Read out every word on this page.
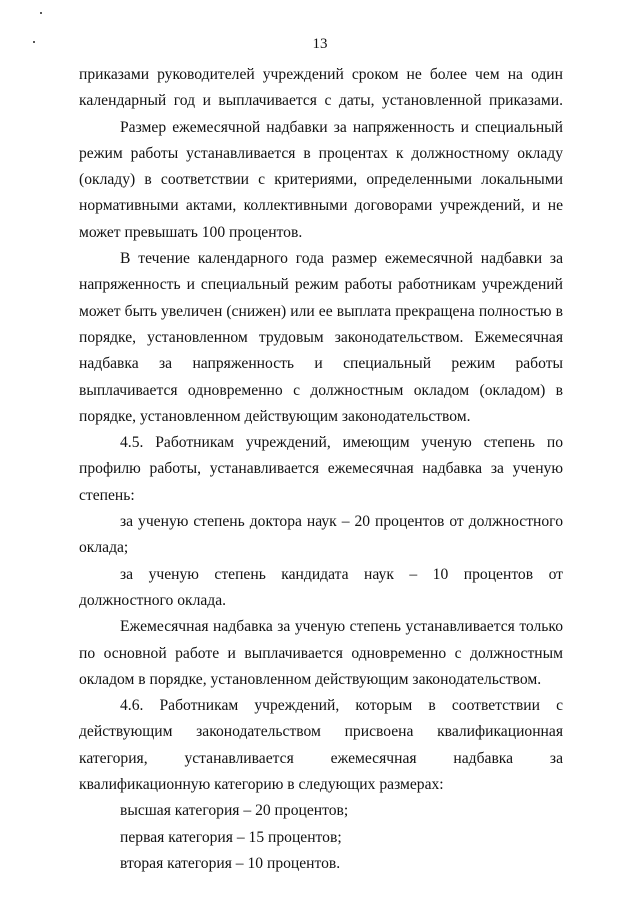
13

приказами руководителей учреждений сроком не более чем на один календарный год и выплачивается с даты, установленной приказами.

Размер ежемесячной надбавки за напряженность и специальный режим работы устанавливается в процентах к должностному окладу (окладу) в соответствии с критериями, определенными локальными нормативными актами, коллективными договорами учреждений, и не может превышать 100 процентов.

В течение календарного года размер ежемесячной надбавки за напряженность и специальный режим работы работникам учреждений может быть увеличен (снижен) или ее выплата прекращена полностью в порядке, установленном трудовым законодательством. Ежемесячная надбавка за напряженность и специальный режим работы выплачивается одновременно с должностным окладом (окладом) в порядке, установленном действующим законодательством.

4.5. Работникам учреждений, имеющим ученую степень по профилю работы, устанавливается ежемесячная надбавка за ученую степень:

за ученую степень доктора наук – 20 процентов от должностного оклада;

за ученую степень кандидата наук – 10 процентов от должностного оклада.

Ежемесячная надбавка за ученую степень устанавливается только по основной работе и выплачивается одновременно с должностным окладом в порядке, установленном действующим законодательством.

4.6. Работникам учреждений, которым в соответствии с действующим законодательством присвоена квалификационная категория, устанавливается ежемесячная надбавка за квалификационную категорию в следующих размерах:

высшая категория – 20 процентов;

первая категория – 15 процентов;

вторая категория – 10 процентов.
